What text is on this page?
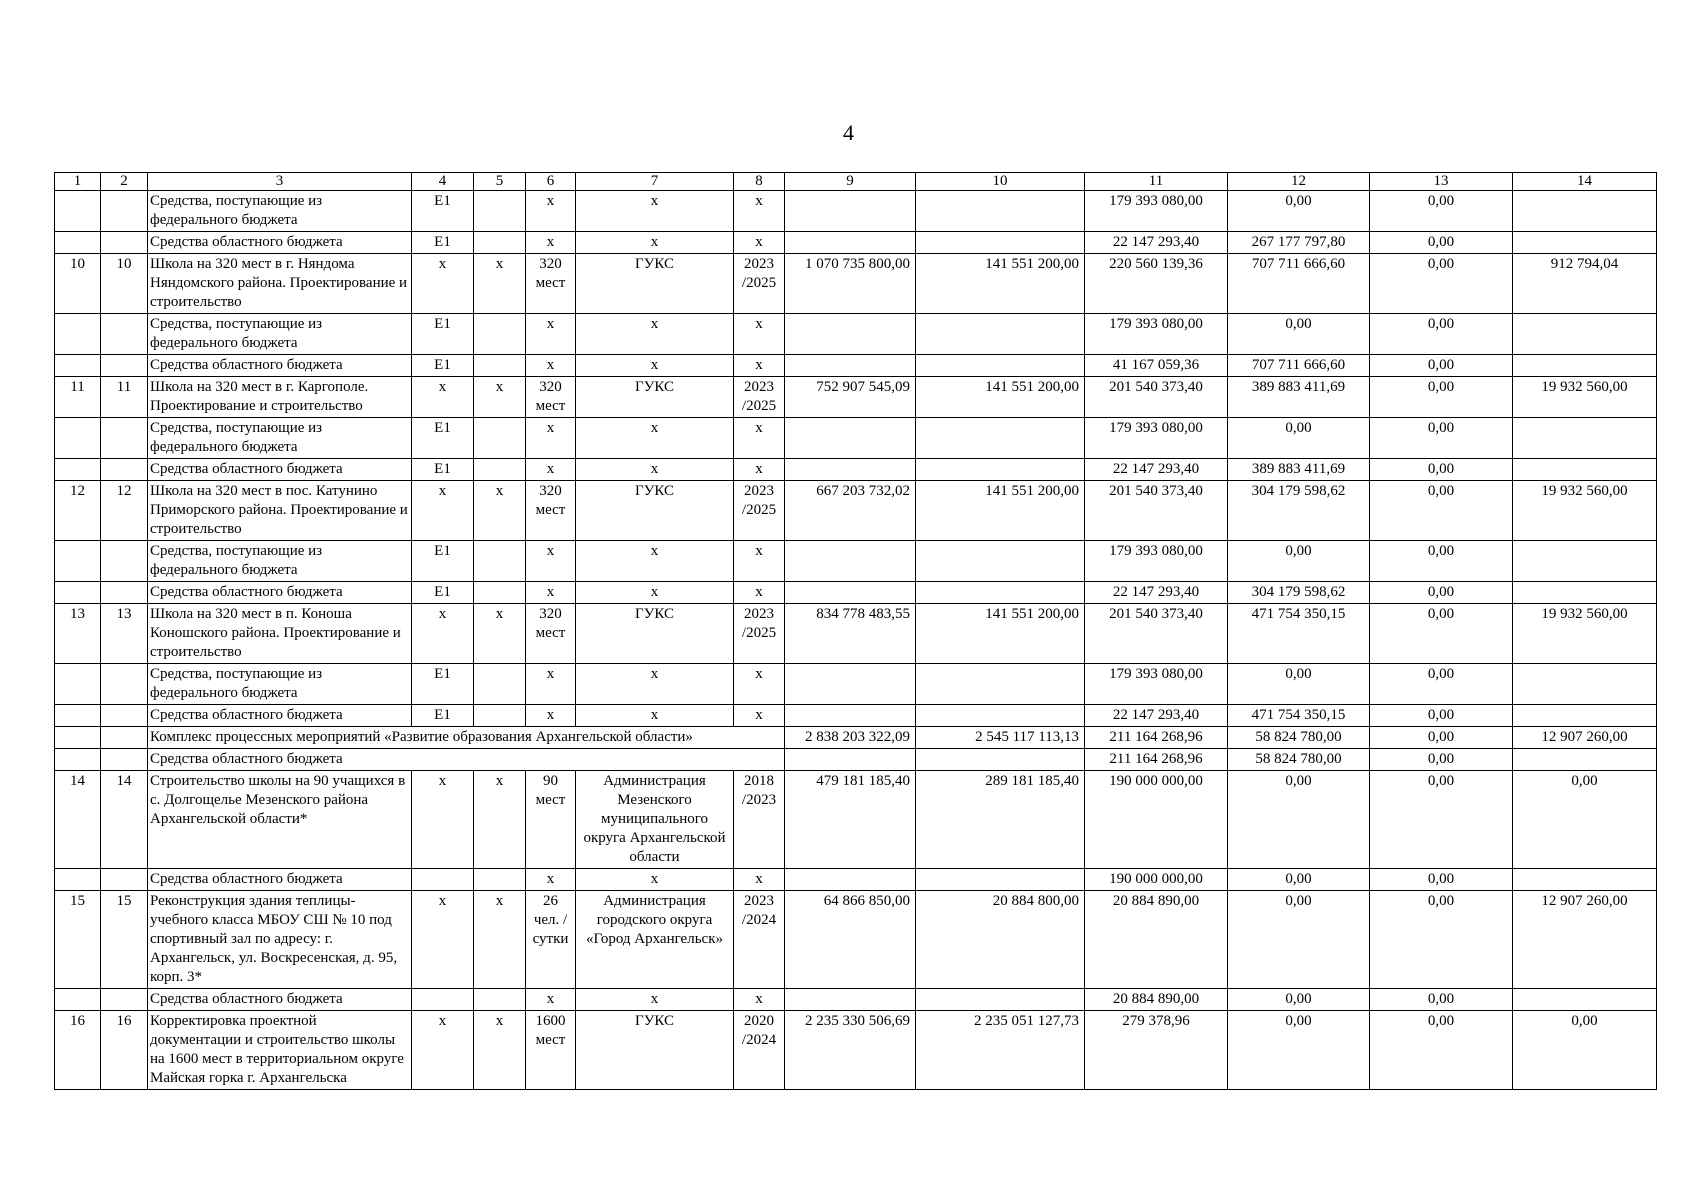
4
1	2	3	4	5	6	7	8	9	10	11	12	13	14
		Средства, поступающие из федерального бюджета	Е1		х	х	х			179 393 080,00	0,00	0,00	
		Средства областного бюджета	Е1		х	х	х			22 147 293,40	267 177 797,80	0,00	
10	10	Школа на 320 мест в г. Няндома Няндомского района. Проектирование и строительство	х	х	320 мест	ГУКС	2023 /2025	1 070 735 800,00	141 551 200,00	220 560 139,36	707 711 666,60	0,00	912 794,04
		Средства, поступающие из федерального бюджета	Е1		х	х	х			179 393 080,00	0,00	0,00	
		Средства областного бюджета	Е1		х	х	х			41 167 059,36	707 711 666,60	0,00	
11	11	Школа на 320 мест в г. Каргополе. Проектирование и строительство	х	х	320 мест	ГУКС	2023 /2025	752 907 545,09	141 551 200,00	201 540 373,40	389 883 411,69	0,00	19 932 560,00
		Средства, поступающие из федерального бюджета	Е1		х	х	х			179 393 080,00	0,00	0,00	
		Средства областного бюджета	Е1		х	х	х			22 147 293,40	389 883 411,69	0,00	
12	12	Школа на 320 мест в пос. Катунино Приморского района. Проектирование и строительство	х	х	320 мест	ГУКС	2023 /2025	667 203 732,02	141 551 200,00	201 540 373,40	304 179 598,62	0,00	19 932 560,00
		Средства, поступающие из федерального бюджета	Е1		х	х	х			179 393 080,00	0,00	0,00	
		Средства областного бюджета	Е1		х	х	х			22 147 293,40	304 179 598,62	0,00	
13	13	Школа на 320 мест в п. Коноша Коношского района. Проектирование и строительство	х	х	320 мест	ГУКС	2023 /2025	834 778 483,55	141 551 200,00	201 540 373,40	471 754 350,15	0,00	19 932 560,00
		Средства, поступающие из федерального бюджета	Е1		х	х	х			179 393 080,00	0,00	0,00	
		Средства областного бюджета	Е1		х	х	х			22 147 293,40	471 754 350,15	0,00	
		Комплекс процессных мероприятий «Развитие образования Архангельской области»						2 838 203 322,09	2 545 117 113,13	211 164 268,96	58 824 780,00	0,00	12 907 260,00
		Средства областного бюджета								211 164 268,96	58 824 780,00	0,00	
14	14	Строительство школы на 90 учащихся в с. Долгощелье Мезенского района Архангельской области*	х	х	90 мест	Администрация Мезенского муниципального округа Архангельской области	2018 /2023	479 181 185,40	289 181 185,40	190 000 000,00	0,00	0,00	0,00
		Средства областного бюджета			х	х	х			190 000 000,00	0,00	0,00	
15	15	Реконструкция здания теплицы-учебного класса МБОУ СШ № 10 под спортивный зал по адресу: г. Архангельск, ул. Воскресенская, д. 95, корп. 3*	х	х	26 чел. /сутки	Администрация городского округа «Город Архангельск»	2023 /2024	64 866 850,00	20 884 800,00	20 884 890,00	0,00	0,00	12 907 260,00
		Средства областного бюджета			х	х	х			20 884 890,00	0,00	0,00	
16	16	Корректировка проектной документации и строительство школы на 1600 мест в территориальном округе Майская горка г. Архангельска	х	х	1600 мест	ГУКС	2020 /2024	2 235 330 506,69	2 235 051 127,73	279 378,96	0,00	0,00	0,00
